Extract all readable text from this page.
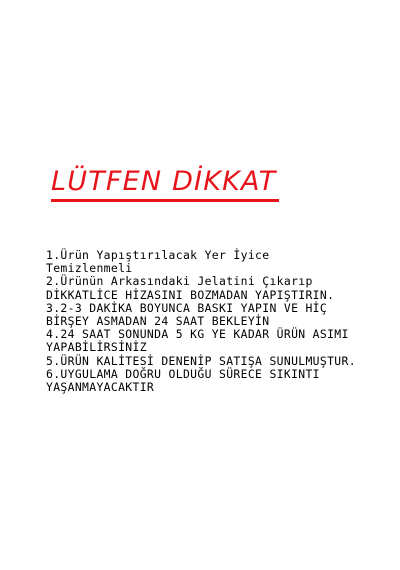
LÜTFEN DİKKAT
1.Ürün Yapıştırılacak Yer İyice
Temizlenmeli
2.Ürünün Arkasındaki Jelatini Çıkarıp
DİKKATLİCE HİZASINI BOZMADAN YAPIŞTIRIN.
3.2-3 DAKİKA BOYUNCA BASKI YAPIN VE HİÇ
BİRŞEY ASMADAN 24 SAAT BEKLEYİN
4.24 SAAT SONUNDA 5 KG YE KADAR ÜRÜN ASIMI
YAPABİLİRSİNİZ
5.ÜRÜN KALİTESİ DENENİP SATIŞA SUNULMUŞTUR.
6.UYGULAMA DOĞRU OLDUĞU SÜRECE SIKINTI
YAŞANMAYACAKTIR
